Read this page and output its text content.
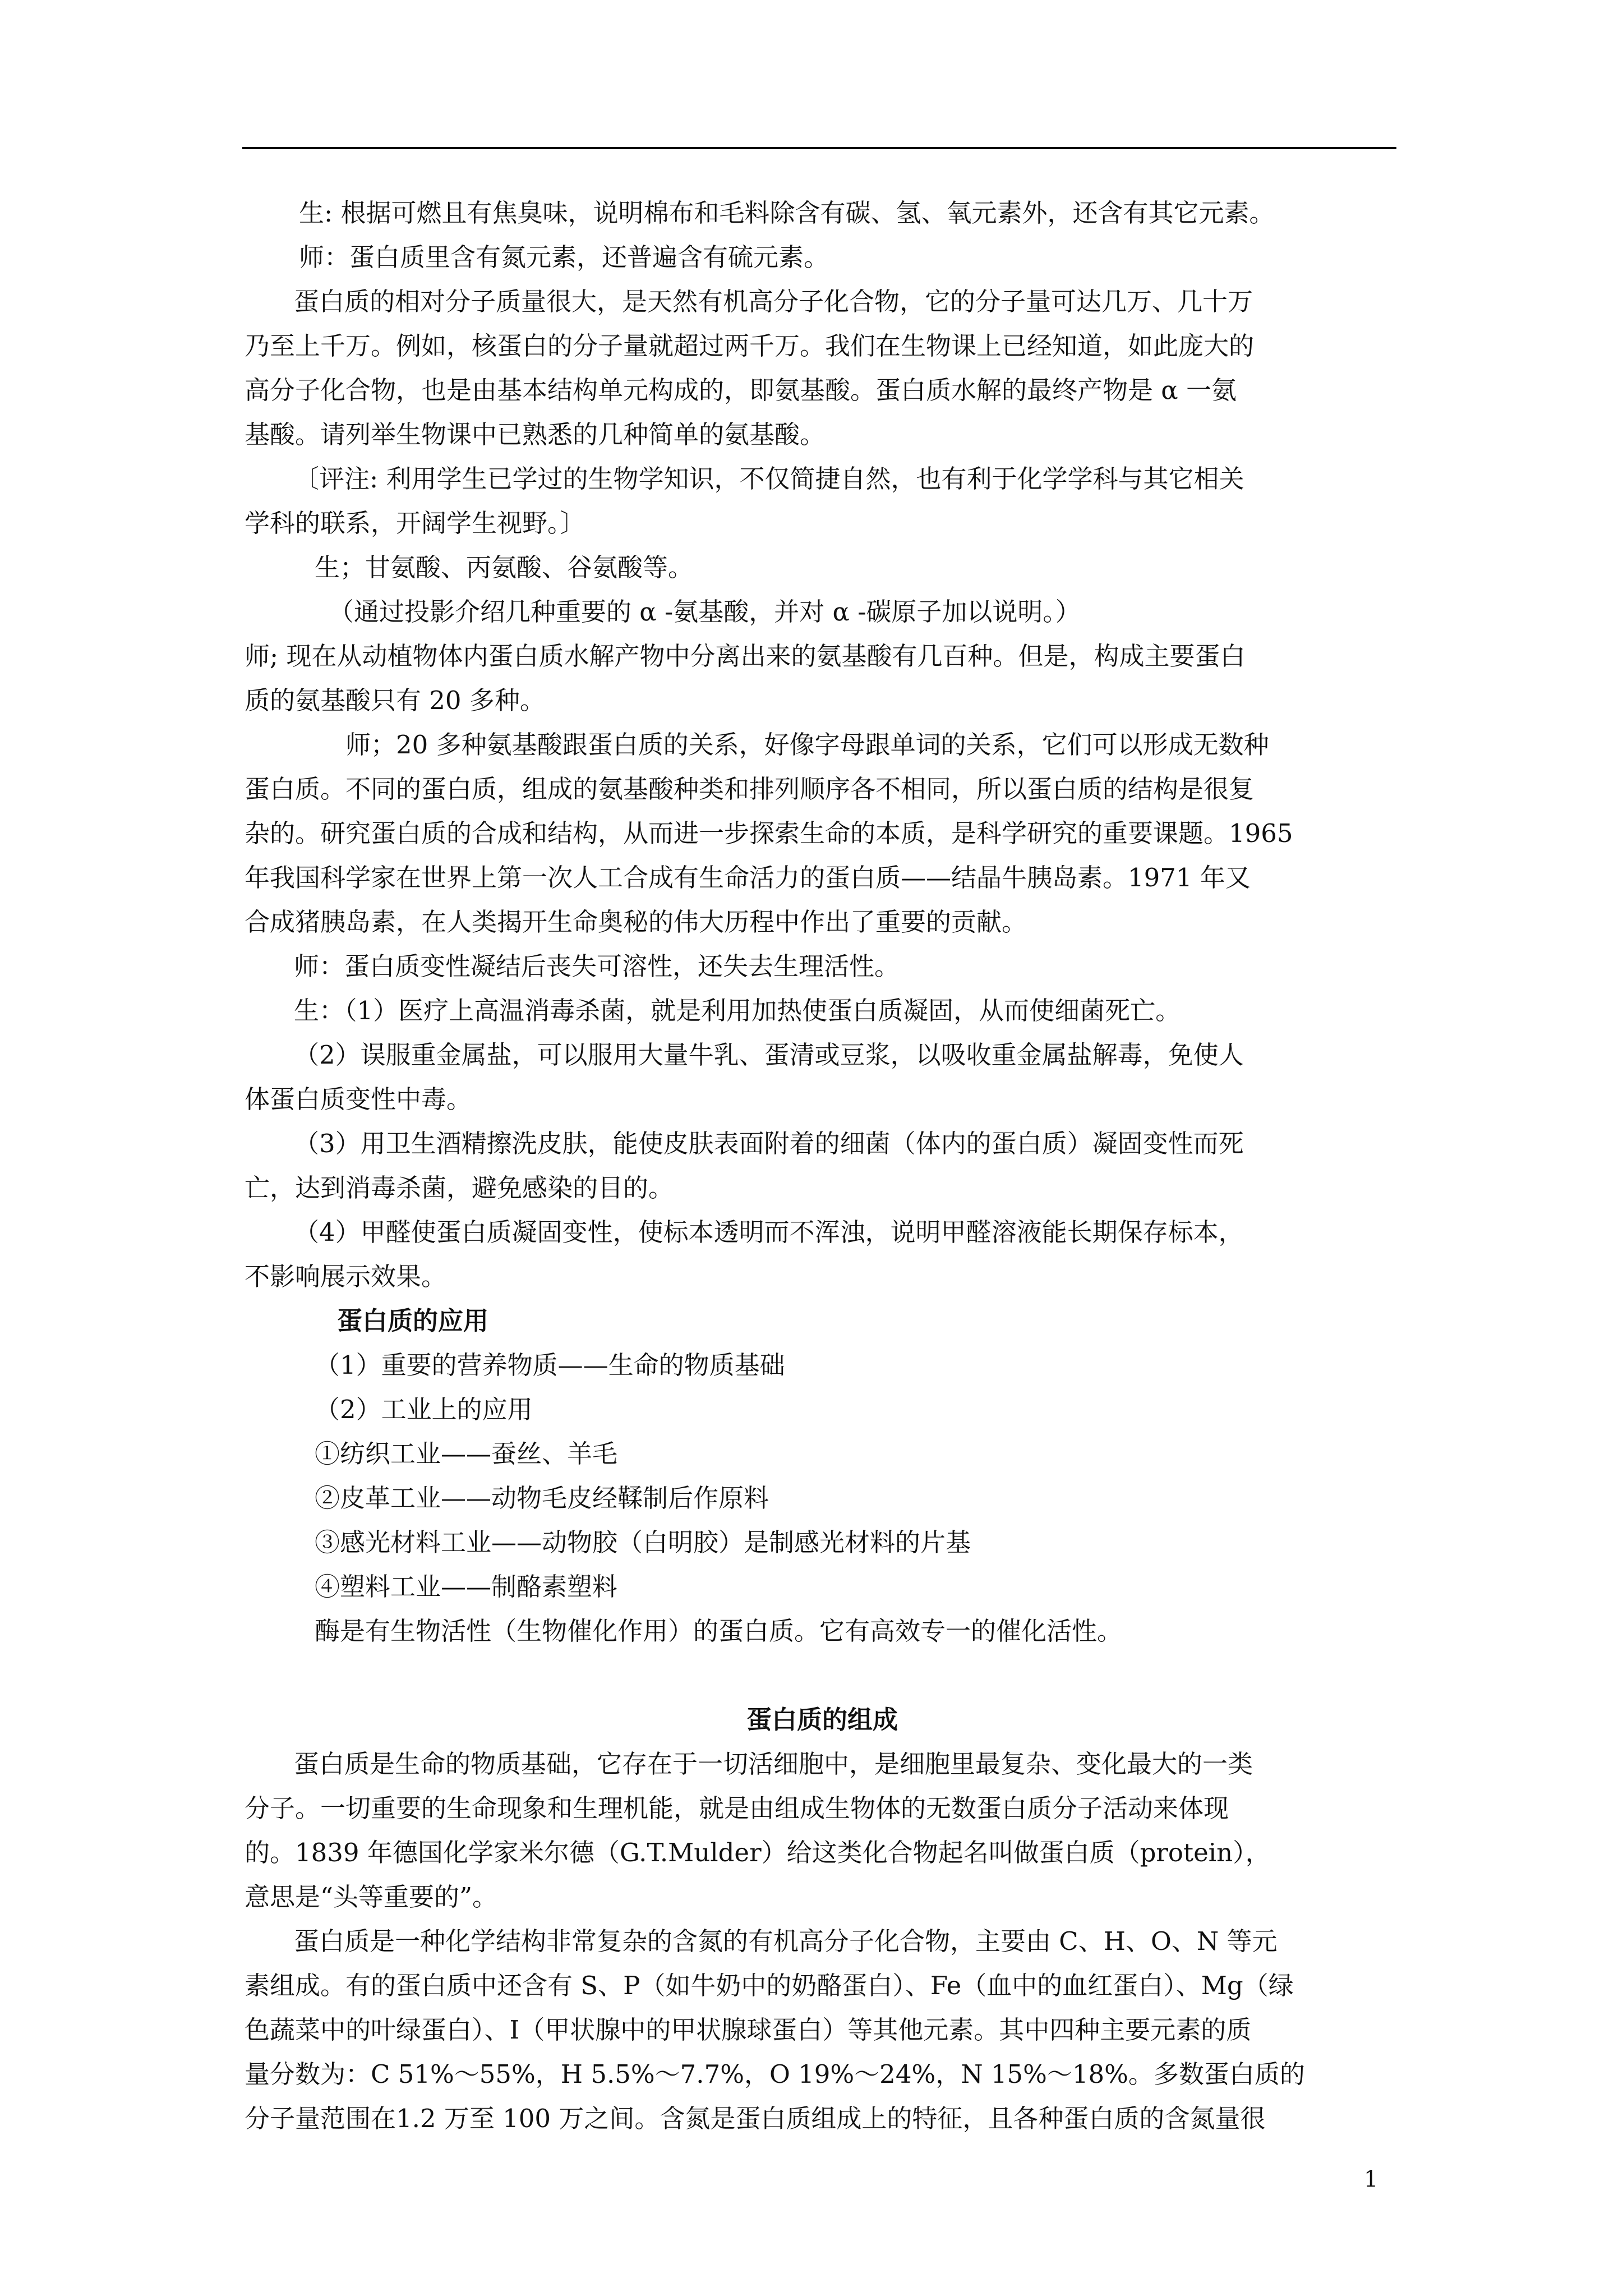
生: 根据可燃且有焦臭味，说明棉布和毛料除含有碳、氢、氧元素外，还含有其它元素。
师：蛋白质里含有氮元素，还普遍含有硫元素。
蛋白质的相对分子质量很大，是天然有机高分子化合物，它的分子量可达几万、几十万
乃至上千万。例如，核蛋白的分子量就超过两千万。我们在生物课上已经知道，如此庞大的
高分子化合物，也是由基本结构单元构成的，即氨基酸。蛋白质水解的最终产物是 α 一氨
基酸。请列举生物课中已熟悉的几种简单的氨基酸。
〔评注: 利用学生已学过的生物学知识，不仅简捷自然，也有利于化学学科与其它相关
学科的联系，开阔学生视野。〕
生；甘氨酸、丙氨酸、谷氨酸等。
（通过投影介绍几种重要的 α -氨基酸，并对 α -碳原子加以说明。）
师; 现在从动植物体内蛋白质水解产物中分离出来的氨基酸有几百种。但是，构成主要蛋白
质的氨基酸只有 20 多种。
师；20 多种氨基酸跟蛋白质的关系，好像字母跟单词的关系，它们可以形成无数种
蛋白质。不同的蛋白质，组成的氨基酸种类和排列顺序各不相同，所以蛋白质的结构是很复
杂的。研究蛋白质的合成和结构，从而进一步探索生命的本质，是科学研究的重要课题。1965
年我国科学家在世界上第一次人工合成有生命活力的蛋白质——结晶牛胰岛素。1971 年又
合成猪胰岛素，在人类揭开生命奥秘的伟大历程中作出了重要的贡献。
师：蛋白质变性凝结后丧失可溶性，还失去生理活性。
生：（1）医疗上高温消毒杀菌，就是利用加热使蛋白质凝固，从而使细菌死亡。
（2）误服重金属盐，可以服用大量牛乳、蛋清或豆浆，以吸收重金属盐解毒，免使人
体蛋白质变性中毒。
（3）用卫生酒精擦洗皮肤，能使皮肤表面附着的细菌（体内的蛋白质）凝固变性而死
亡，达到消毒杀菌，避免感染的目的。
（4）甲醛使蛋白质凝固变性，使标本透明而不浑浊，说明甲醛溶液能长期保存标本，
不影响展示效果。
蛋白质的应用
（1）重要的营养物质——生命的物质基础
（2）工业上的应用
①纺织工业——蚕丝、羊毛
②皮革工业——动物毛皮经鞣制后作原料
③感光材料工业——动物胶（白明胶）是制感光材料的片基
④塑料工业——制酪素塑料
酶是有生物活性（生物催化作用）的蛋白质。它有高效专一的催化活性。
蛋白质的组成
蛋白质是生命的物质基础，它存在于一切活细胞中，是细胞里最复杂、变化最大的一类
分子。一切重要的生命现象和生理机能，就是由组成生物体的无数蛋白质分子活动来体现
的。1839 年德国化学家米尔德（G.T.Mulder）给这类化合物起名叫做蛋白质（protein），
意思是“头等重要的”。
蛋白质是一种化学结构非常复杂的含氮的有机高分子化合物，主要由 C、H、O、N 等元
素组成。有的蛋白质中还含有 S、P（如牛奶中的奶酪蛋白）、Fe（血中的血红蛋白）、Mg（绿
色蔬菜中的叶绿蛋白）、I（甲状腺中的甲状腺球蛋白）等其他元素。其中四种主要元素的质
量分数为：C 51%～55%，H 5.5%～7.7%，O 19%～24%，N 15%～18%。多数蛋白质的
分子量范围在1.2 万至 100 万之间。含氮是蛋白质组成上的特征，且各种蛋白质的含氮量很
1
